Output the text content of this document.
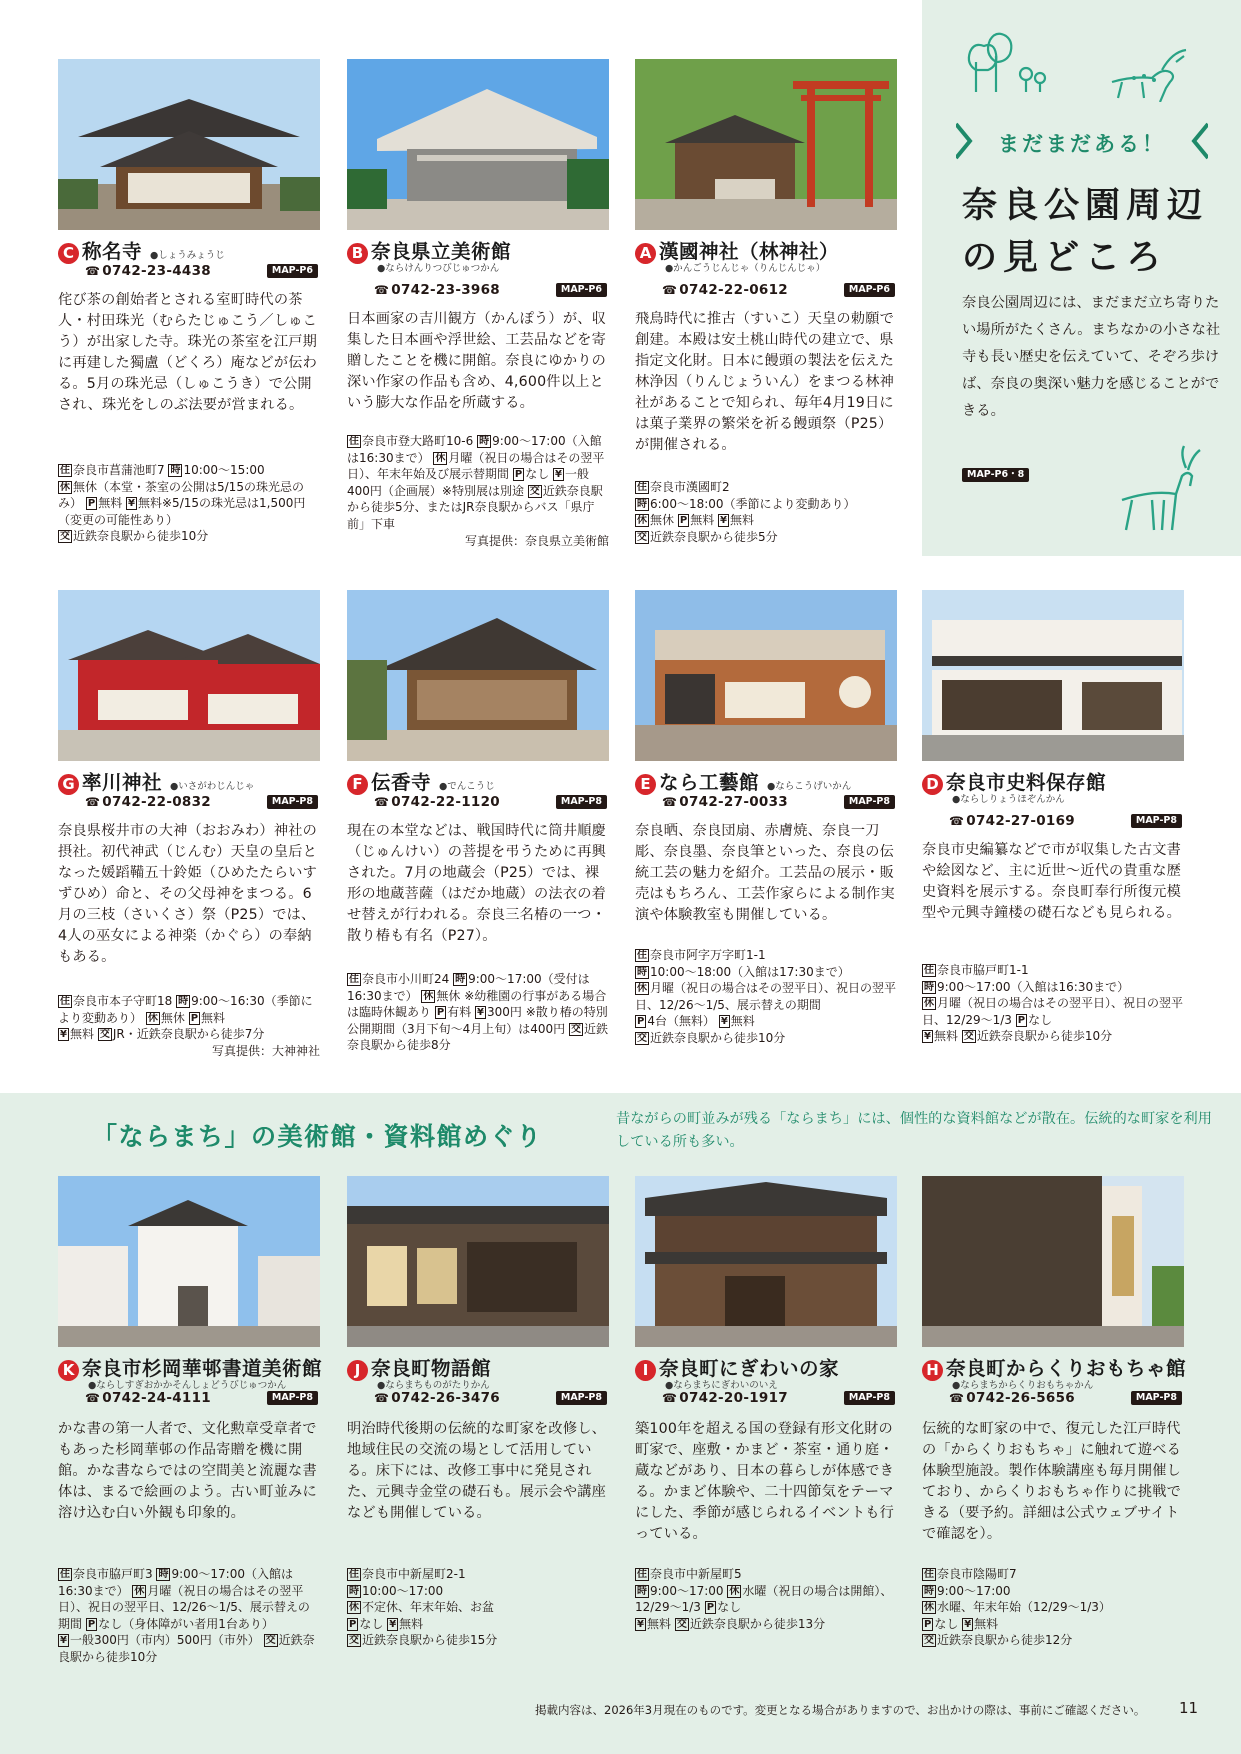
まだまだある！
奈良公園周辺
の見どころ

奈良公園周辺には、まだまだ立ち寄りたい場所がたくさん。まちなかの小さな社寺も長い歴史を伝えていて、そぞろ歩けば、奈良の奥深い魅力を感じることができる。

MAP-P6・8
C 称名寺 ●しょうみょうじ
☎ 0742-23-4438	MAP-P6

侘び茶の創始者とされる室町時代の茶人・村田珠光（むらたじゅこう／しゅこう）が出家した寺。珠光の茶室を江戸期に再建した獨盧（どくろ）庵などが伝わる。5月の珠光忌（しゅこうき）で公開され、珠光をしのぶ法要が営まれる。

住 奈良市菖蒲池町7 時 10:00～15:00
休 無休（本堂・茶室の公開は5/15の珠光忌のみ） P 無料 ¥ 無料※5/15の珠光忌は1,500円（変更の可能性あり）
交 近鉄奈良駅から徒歩10分

B 奈良県立美術館
●ならけんりつびじゅつかん
☎ 0742-23-3968	MAP-P6

日本画家の吉川観方（かんぽう）が、収集した日本画や浮世絵、工芸品などを寄贈したことを機に開館。奈良にゆかりの深い作家の作品も含め、4,600件以上という膨大な作品を所蔵する。

住 奈良市登大路町10-6 時 9:00～17:00（入館は16:30まで） 休 月曜（祝日の場合はその翌平日）、年末年始及び展示替期間 P なし ¥ 一般400円（企画展）※特別展は別途 交 近鉄奈良駅から徒歩5分、またはJR奈良駅からバス「県庁前」下車
写真提供：奈良県立美術館

A 漢國神社（林神社）
●かんごうじんじゃ（りんじんじゃ）
☎ 0742-22-0612	MAP-P6

飛鳥時代に推古（すいこ）天皇の勅願で創建。本殿は安土桃山時代の建立で、県指定文化財。日本に饅頭の製法を伝えた林浄因（りんじょういん）をまつる林神社があることで知られ、毎年4月19日には菓子業界の繁栄を祈る饅頭祭（P25）が開催される。

住 奈良市漢國町2
時 6:00～18:00（季節により変動あり）
休 無休 P 無料 ¥ 無料
交 近鉄奈良駅から徒歩5分

G 率川神社 ●いさがわじんじゃ
☎ 0742-22-0832	MAP-P8

奈良県桜井市の大神（おおみわ）神社の摂社。初代神武（じんむ）天皇の皇后となった媛蹈鞴五十鈴姫（ひめたたらいすずひめ）命と、その父母神をまつる。6月の三枝（さいくさ）祭（P25）では、4人の巫女による神楽（かぐら）の奉納もある。

住 奈良市本子守町18 時 9:00～16:30（季節により変動あり） 休 無休 P 無料
¥ 無料 交 JR・近鉄奈良駅から徒歩7分
写真提供：大神神社

F 伝香寺 ●でんこうじ
☎ 0742-22-1120	MAP-P8

現在の本堂などは、戦国時代に筒井順慶（じゅんけい）の菩提を弔うために再興された。7月の地蔵会（P25）では、裸形の地蔵菩薩（はだか地蔵）の法衣の着せ替えが行われる。奈良三名椿の一つ・散り椿も有名（P27）。

住 奈良市小川町24 時 9:00～17:00（受付は16:30まで） 休 無休 ※幼稚園の行事がある場合は臨時休観あり P 有料 ¥ 300円 ※散り椿の特別公開期間（3月下旬～4月上旬）は400円 交 近鉄奈良駅から徒歩8分

E なら工藝館 ●ならこうげいかん
☎ 0742-27-0033	MAP-P8

奈良晒、奈良団扇、赤膚焼、奈良一刀彫、奈良墨、奈良筆といった、奈良の伝統工芸の魅力を紹介。工芸品の展示・販売はもちろん、工芸作家らによる制作実演や体験教室も開催している。

住 奈良市阿字万字町1-1
時 10:00～18:00（入館は17:30まで）
休 月曜（祝日の場合はその翌平日）、祝日の翌平日、12/26～1/5、展示替えの期間
P 4台（無料） ¥ 無料
交 近鉄奈良駅から徒歩10分

D 奈良市史料保存館
●ならしりょうほぞんかん
☎ 0742-27-0169	MAP-P8

奈良市史編纂などで市が収集した古文書や絵図など、主に近世～近代の貴重な歴史資料を展示する。奈良町奉行所復元模型や元興寺鐘楼の礎石なども見られる。

住 奈良市脇戸町1-1
時 9:00～17:00（入館は16:30まで）
休 月曜（祝日の場合はその翌平日）、祝日の翌平日、12/29～1/3 P なし
¥ 無料 交 近鉄奈良駅から徒歩10分

「ならまち」の美術館・資料館めぐり

昔ながらの町並みが残る「ならまち」には、個性的な資料館などが散在。伝統的な町家を利用している所も多い。

K 奈良市杉岡華邨書道美術館
●ならしすぎおかかそんしょどうびじゅつかん
☎ 0742-24-4111	MAP-P8

かな書の第一人者で、文化勲章受章者でもあった杉岡華邨の作品寄贈を機に開館。かな書ならではの空間美と流麗な書体は、まるで絵画のよう。古い町並みに溶け込む白い外観も印象的。

住 奈良市脇戸町3 時 9:00～17:00（入館は16:30まで） 休 月曜（祝日の場合はその翌平日）、祝日の翌平日、12/26～1/5、展示替えの期間 P なし（身体障がい者用1台あり）
¥ 一般300円（市内）500円（市外） 交 近鉄奈良駅から徒歩10分

J 奈良町物語館
●ならまちものがたりかん
☎ 0742-26-3476	MAP-P8

明治時代後期の伝統的な町家を改修し、地域住民の交流の場として活用している。床下には、改修工事中に発見された、元興寺金堂の礎石も。展示会や講座なども開催している。

住 奈良市中新屋町2-1
時 10:00～17:00
休 不定休、年末年始、お盆
P なし ¥ 無料
交 近鉄奈良駅から徒歩15分

I 奈良町にぎわいの家
●ならまちにぎわいのいえ
☎ 0742-20-1917	MAP-P8

築100年を超える国の登録有形文化財の町家で、座敷・かまど・茶室・通り庭・蔵などがあり、日本の暮らしが体感できる。かまど体験や、二十四節気をテーマにした、季節が感じられるイベントも行っている。

住 奈良市中新屋町5
時 9:00～17:00 休 水曜（祝日の場合は開館）、12/29～1/3 P なし
¥ 無料 交 近鉄奈良駅から徒歩13分

H 奈良町からくりおもちゃ館
●ならまちからくりおもちゃかん
☎ 0742-26-5656	MAP-P8

伝統的な町家の中で、復元した江戸時代の「からくりおもちゃ」に触れて遊べる体験型施設。製作体験講座も毎月開催しており、からくりおもちゃ作りに挑戦できる（要予約。詳細は公式ウェブサイトで確認を）。

住 奈良市陰陽町7
時 9:00～17:00
休 水曜、年末年始（12/29～1/3）
P なし ¥ 無料
交 近鉄奈良駅から徒歩12分

掲載内容は、2026年3月現在のものです。変更となる場合がありますので、お出かけの際は、事前にご確認ください。 11
